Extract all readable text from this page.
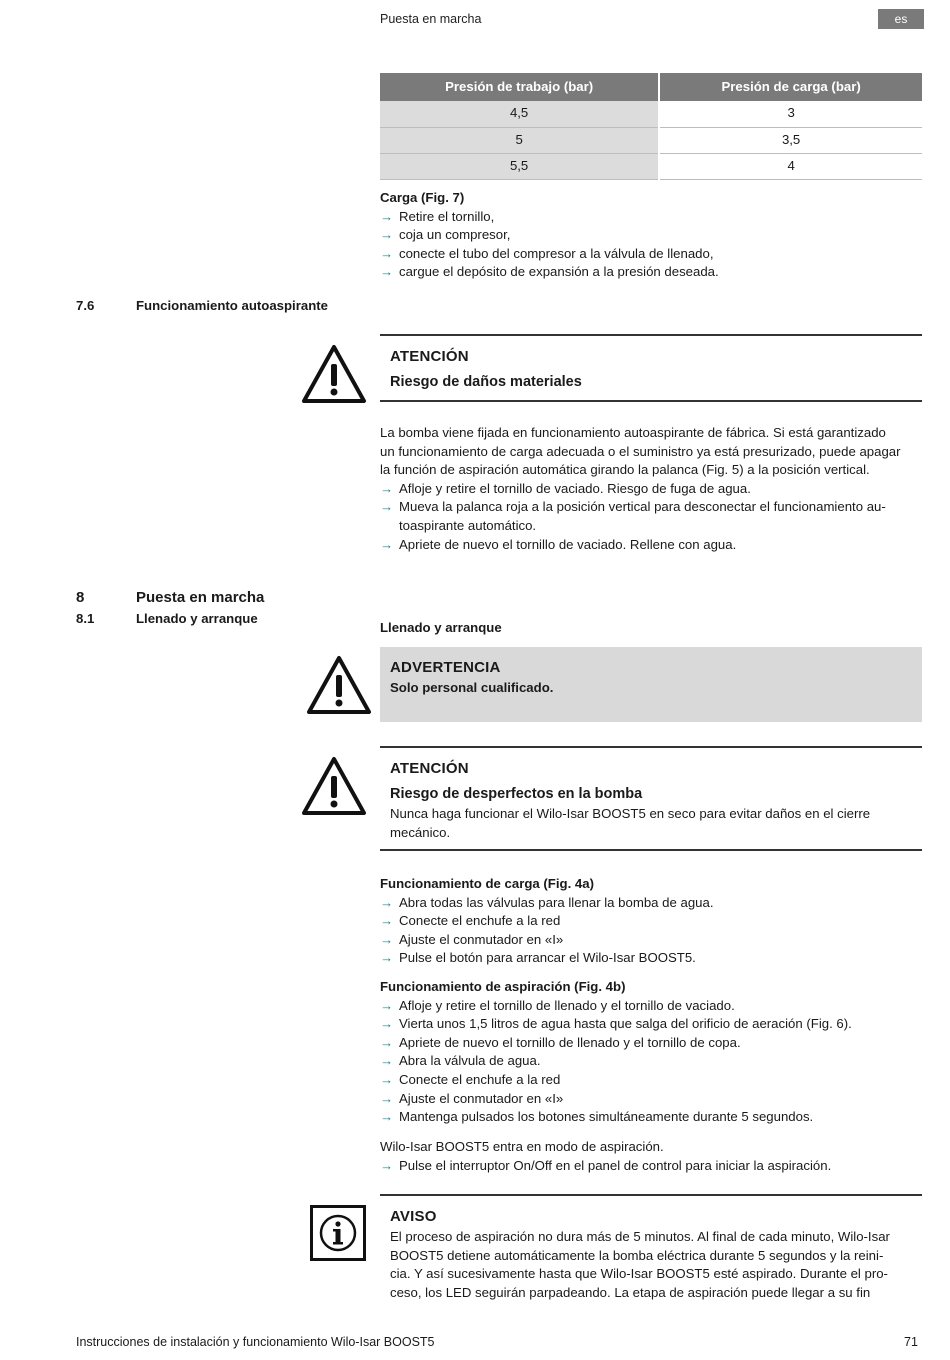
Puesta en marcha	es
Presión de trabajo (bar)	Presión de carga (bar)
4,5	3
5	3,5
5,5	4
Carga (Fig. 7)
→ Retire el tornillo,
→ coja un compresor,
→ conecte el tubo del compresor a la válvula de llenado,
→ cargue el depósito de expansión a la presión deseada.
7.6	Funcionamiento autoaspirante
ATENCIÓN
Riesgo de daños materiales
La bomba viene fijada en funcionamiento autoaspirante de fábrica. Si está garantizado
un funcionamiento de carga adecuada o el suministro ya está presurizado, puede apagar
la función de aspiración automática girando la palanca (Fig. 5) a la posición vertical.
→ Afloje y retire el tornillo de vaciado. Riesgo de fuga de agua.
→ Mueva la palanca roja a la posición vertical para desconectar el funcionamiento au-
toaspirante automático.
→ Apriete de nuevo el tornillo de vaciado. Rellene con agua.
8	Puesta en marcha
8.1	Llenado y arranque
Llenado y arranque
ADVERTENCIA
Solo personal cualificado.
ATENCIÓN
Riesgo de desperfectos en la bomba
Nunca haga funcionar el Wilo-Isar BOOST5 en seco para evitar daños en el cierre
mecánico.
Funcionamiento de carga (Fig. 4a)
→ Abra todas las válvulas para llenar la bomba de agua.
→ Conecte el enchufe a la red
→ Ajuste el conmutador en «I»
→ Pulse el botón para arrancar el Wilo-Isar BOOST5.
Funcionamiento de aspiración (Fig. 4b)
→ Afloje y retire el tornillo de llenado y el tornillo de vaciado.
→ Vierta unos 1,5 litros de agua hasta que salga del orificio de aeración (Fig. 6).
→ Apriete de nuevo el tornillo de llenado y el tornillo de copa.
→ Abra la válvula de agua.
→ Conecte el enchufe a la red
→ Ajuste el conmutador en «I»
→ Mantenga pulsados los botones simultáneamente durante 5 segundos.
Wilo-Isar BOOST5 entra en modo de aspiración.
→ Pulse el interruptor On/Off en el panel de control para iniciar la aspiración.
AVISO
El proceso de aspiración no dura más de 5 minutos. Al final de cada minuto, Wilo-Isar
BOOST5 detiene automáticamente la bomba eléctrica durante 5 segundos y la reini-
cia. Y así sucesivamente hasta que Wilo-Isar BOOST5 esté aspirado. Durante el pro-
ceso, los LED seguirán parpadeando. La etapa de aspiración puede llegar a su fin
Instrucciones de instalación y funcionamiento Wilo-Isar BOOST5	71
